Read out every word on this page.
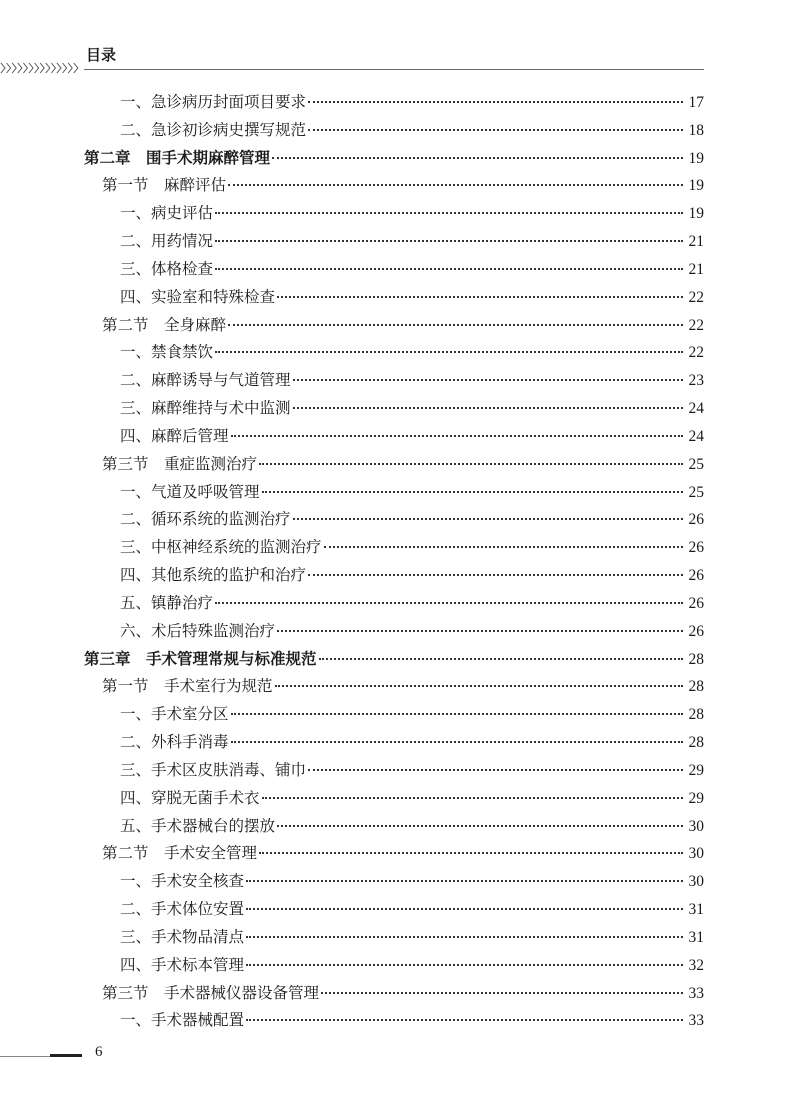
目录
一、急诊病历封面项目要求	17
二、急诊初诊病史撰写规范	18
第二章　围手术期麻醉管理	19
第一节　麻醉评估	19
一、病史评估	19
二、用药情况	21
三、体格检查	21
四、实验室和特殊检查	22
第二节　全身麻醉	22
一、禁食禁饮	22
二、麻醉诱导与气道管理	23
三、麻醉维持与术中监测	24
四、麻醉后管理	24
第三节　重症监测治疗	25
一、气道及呼吸管理	25
二、循环系统的监测治疗	26
三、中枢神经系统的监测治疗	26
四、其他系统的监护和治疗	26
五、镇静治疗	26
六、术后特殊监测治疗	26
第三章　手术管理常规与标准规范	28
第一节　手术室行为规范	28
一、手术室分区	28
二、外科手消毒	28
三、手术区皮肤消毒、铺巾	29
四、穿脱无菌手术衣	29
五、手术器械台的摆放	30
第二节　手术安全管理	30
一、手术安全核查	30
二、手术体位安置	31
三、手术物品清点	31
四、手术标本管理	32
第三节　手术器械仪器设备管理	33
一、手术器械配置	33
6
